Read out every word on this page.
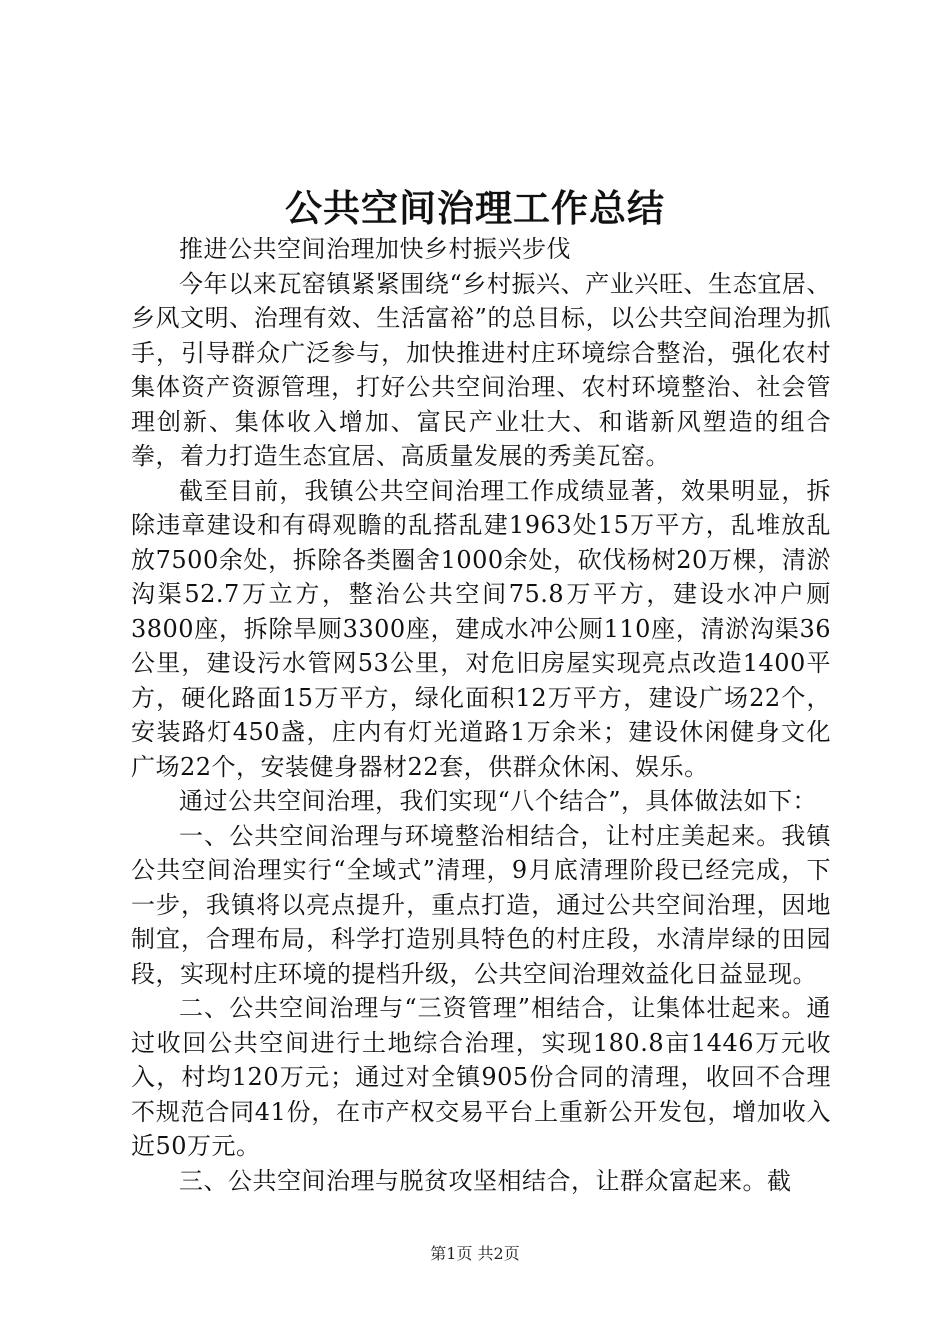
公共空间治理工作总结

推进公共空间治理加快乡村振兴步伐

今年以来瓦窑镇紧紧围绕“乡村振兴、产业兴旺、生态宜居、乡风文明、治理有效、生活富裕”的总目标，以公共空间治理为抓手，引导群众广泛参与，加快推进村庄环境综合整治，强化农村集体资产资源管理，打好公共空间治理、农村环境整治、社会管理创新、集体收入增加、富民产业壮大、和谐新风塑造的组合拳，着力打造生态宜居、高质量发展的秀美瓦窑。

截至目前，我镇公共空间治理工作成绩显著，效果明显，拆除违章建设和有碍观瞻的乱搭乱建1963处15万平方，乱堆放乱放7500余处，拆除各类圈舍1000余处，砍伐杨树20万棵，清淤沟渠52.7万立方，整治公共空间75.8万平方，建设水冲户厕3800座，拆除旱厕3300座，建成水冲公厕110座，清淤沟渠36公里，建设污水管网53公里，对危旧房屋实现亮点改造1400平方，硬化路面15万平方，绿化面积12万平方，建设广场22个，安装路灯450盏，庄内有灯光道路1万余米；建设休闲健身文化广场22个，安装健身器材22套，供群众休闲、娱乐。

通过公共空间治理，我们实现“八个结合”，具体做法如下：

一、公共空间治理与环境整治相结合，让村庄美起来。我镇公共空间治理实行“全域式”清理，9月底清理阶段已经完成，下一步，我镇将以亮点提升，重点打造，通过公共空间治理，因地制宜，合理布局，科学打造别具特色的村庄段，水清岸绿的田园段，实现村庄环境的提档升级，公共空间治理效益化日益显现。

二、公共空间治理与“三资管理”相结合，让集体壮起来。通过收回公共空间进行土地综合治理，实现180.8亩1446万元收入，村均120万元；通过对全镇905份合同的清理，收回不合理不规范合同41份，在市产权交易平台上重新公开发包，增加收入近50万元。

三、公共空间治理与脱贫攻坚相结合，让群众富起来。截

第1页 共2页
